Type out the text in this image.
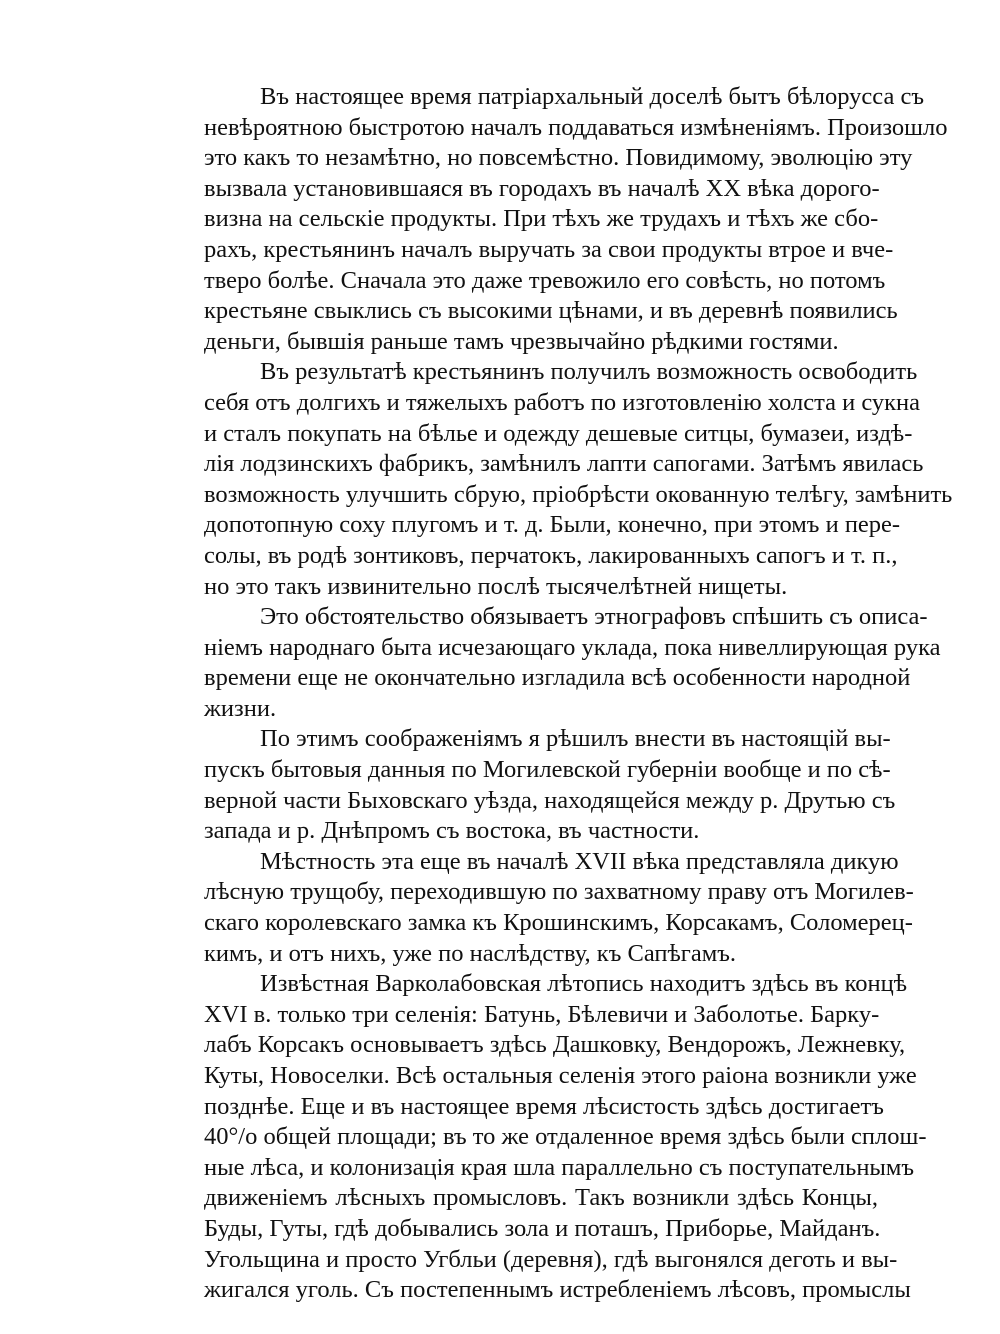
Въ настоящее время патріархальный доселѣ бытъ бѣлорусса съ
невѣроятною быстротою началъ поддаваться измѣненіямъ. Произошло
это какъ то незамѣтно, но повсемѣстно. Повидимому, эволюцію эту
вызвала установившаяся въ городахъ въ началѣ XX вѣка дорого-
визна на сельскіе продукты. При тѣхъ же трудахъ и тѣхъ же сбо-
рахъ, крестьянинъ началъ выручать за свои продукты втрое и вче-
тверо болѣе. Сначала это даже тревожило его совѣсть, но потомъ
крестьяне свыклись съ высокими цѣнами, и въ деревнѣ появились
деньги, бывшія раньше тамъ чрезвычайно рѣдкими гостями.
Въ результатѣ крестьянинъ получилъ возможность освободить
себя отъ долгихъ и тяжелыхъ работъ по изготовленію холста и сукна
и сталъ покупать на бѣлье и одежду дешевые ситцы, бумазеи, издѣ-
лія лодзинскихъ фабрикъ, замѣнилъ лапти сапогами. Затѣмъ явилась
возможность улучшить сбрую, пріобрѣсти окованную телѣгу, замѣнить
допотопную соху плугомъ и т. д. Были, конечно, при этомъ и пере-
солы, въ родѣ зонтиковъ, перчатокъ, лакированныхъ сапогъ и т. п.,
но это такъ извинительно послѣ тысячелѣтней нищеты.
Это обстоятельство обязываетъ этнографовъ спѣшить съ описа-
ніемъ народнаго быта исчезающаго уклада, пока нивеллирующая рука
времени еще не окончательно изгладила всѣ особенности народной
жизни.
По этимъ соображеніямъ я рѣшилъ внести въ настоящій вы-
пускъ бытовыя данныя по Могилевской губерніи вообще и по сѣ-
верной части Быховскаго уѣзда, находящейся между р. Друтью съ
запада и р. Днѣпромъ съ востока, въ частности.
Мѣстность эта еще въ началѣ XVII вѣка представляла дикую
лѣсную трущобу, переходившую по захватному праву отъ Могилев-
скаго королевскаго замка къ Крошинскимъ, Корсакамъ, Соломерец-
кимъ, и отъ нихъ, уже по наслѣдству, къ Сапѣгамъ.
Извѣстная Варколабовская лѣтопись находитъ здѣсь въ концѣ
XVI в. только три селенія: Батунь, Бѣлевичи и Заболотье. Барку-
лабъ Корсакъ основываетъ здѣсь Дашковку, Вендорожъ, Лежневку,
Куты, Новоселки. Всѣ остальныя селенія этого раіона возникли уже
позднѣе. Еще и въ настоящее время лѣсистость здѣсь достигаетъ
40°/о общей площади; въ то же отдаленное время здѣсь были сплош-
ные лѣса, и колонизація края шла параллельно съ поступательнымъ
движеніемъ лѣсныхъ промысловъ. Такъ возникли здѣсь Концы,
Буды, Гуты, гдѣ добывались зола и поташъ, Приборье, Майданъ.
Угольщина и просто Угбльи (деревня), гдѣ выгонялся деготь и вы-
жигался уголь. Съ постепеннымъ истребленіемъ лѣсовъ, промыслы
